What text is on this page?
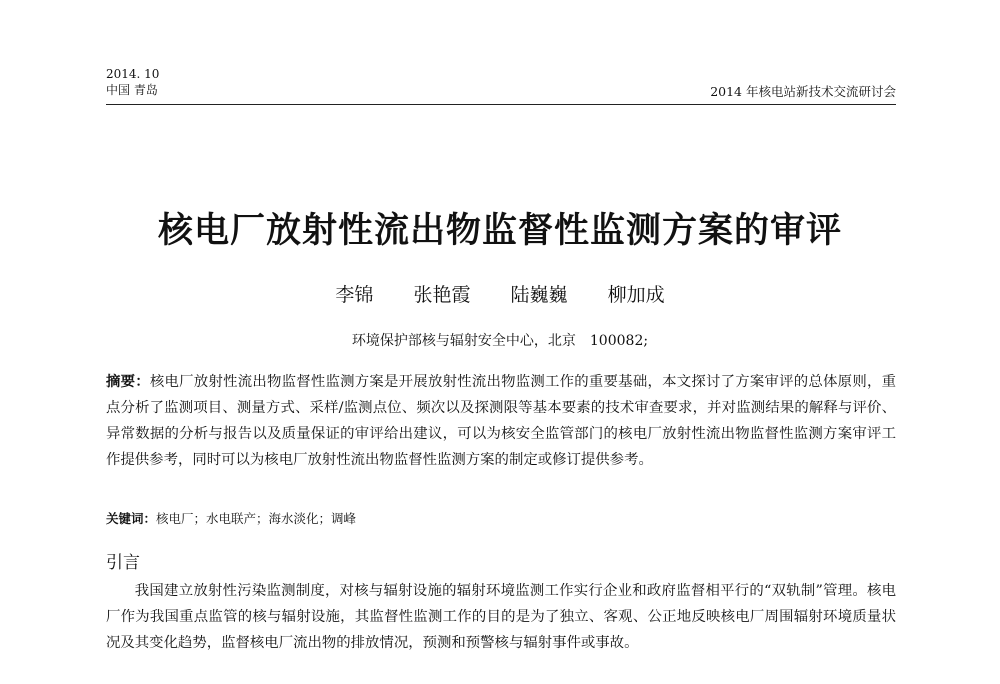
2014. 10
中国 青岛	2014 年核电站新技术交流研讨会
核电厂放射性流出物监督性监测方案的审评
李锦 张艳霞 陆巍巍 柳加成
环境保护部核与辐射安全中心，北京　100082;
摘要：核电厂放射性流出物监督性监测方案是开展放射性流出物监测工作的重要基础，本文探讨了方案审评的总体原则，重点分析了监测项目、测量方式、采样/监测点位、频次以及探测限等基本要素的技术审查要求，并对监测结果的解释与评价、异常数据的分析与报告以及质量保证的审评给出建议，可以为核安全监管部门的核电厂放射性流出物监督性监测方案审评工作提供参考，同时可以为核电厂放射性流出物监督性监测方案的制定或修订提供参考。
关键词：核电厂；水电联产；海水淡化；调峰
引言
我国建立放射性污染监测制度，对核与辐射设施的辐射环境监测工作实行企业和政府监督相平行的“双轨制”管理。核电厂作为我国重点监管的核与辐射设施，其监督性监测工作的目的是为了独立、客观、公正地反映核电厂周围辐射环境质量状况及其变化趋势，监督核电厂流出物的排放情况，预测和预警核与辐射事件或事故。
